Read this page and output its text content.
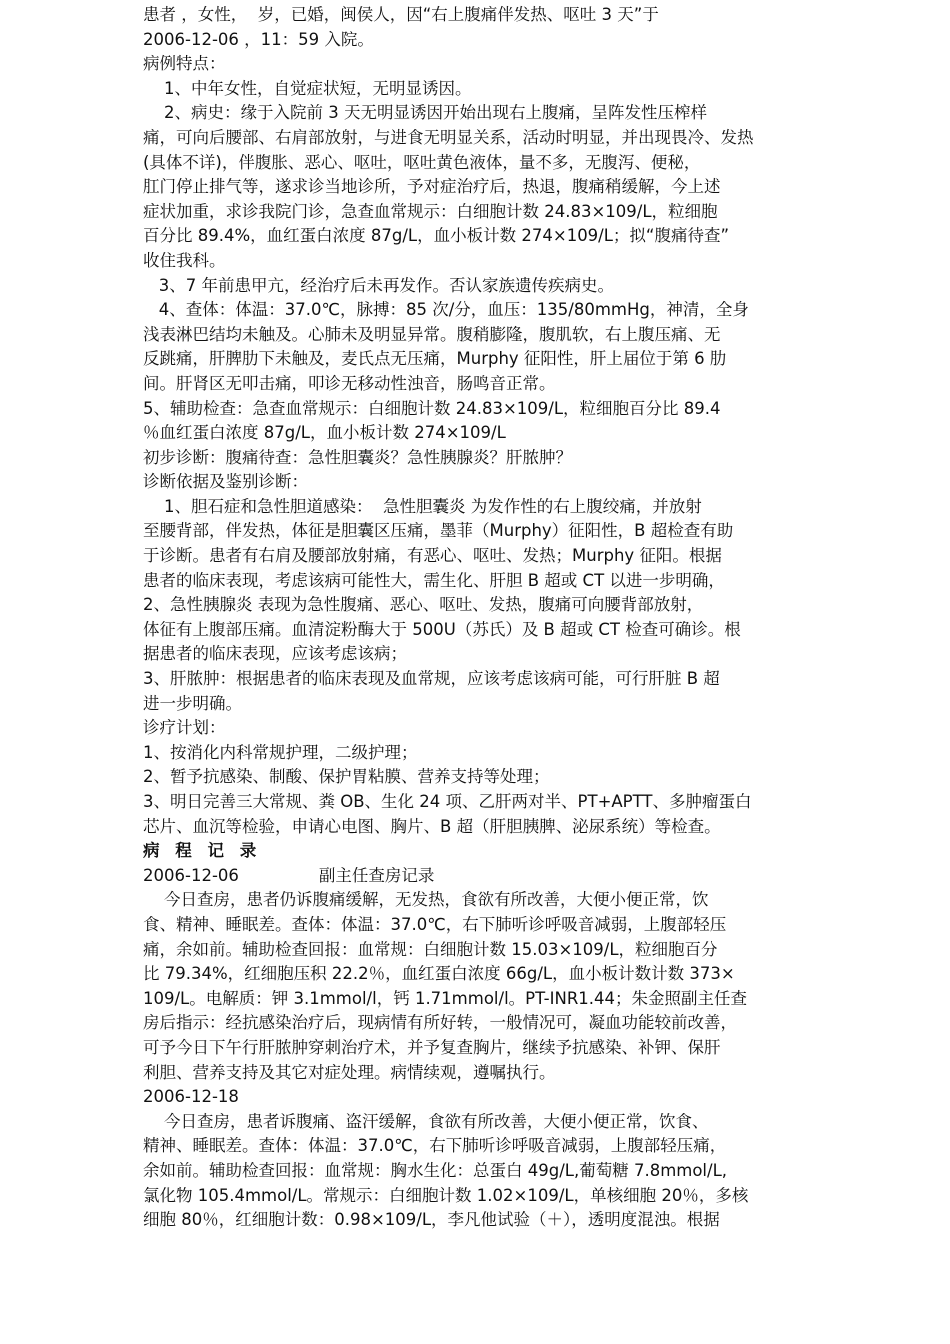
患者 ，女性，  岁，已婚，闽侯人，因“右上腹痛伴发热、呕吐 3 天”于
2006-12-06 ，11：59 入院。
病例特点：
1、中年女性，自觉症状短，无明显诱因。
2、病史：缘于入院前 3 天无明显诱因开始出现右上腹痛，呈阵发性压榨样
痛，可向后腰部、右肩部放射，与进食无明显关系，活动时明显，并出现畏冷、发热
(具体不详)，伴腹胀、恶心、呕吐，呕吐黄色液体，量不多，无腹泻、便秘，
肛门停止排气等，遂求诊当地诊所，予对症治疗后，热退，腹痛稍缓解，今上述
症状加重，求诊我院门诊，急查血常规示：白细胞计数 24.83×109/L，粒细胞
百分比 89.4%，血红蛋白浓度 87g/L，血小板计数 274×109/L；拟“腹痛待查”
收住我科。
3、7 年前患甲亢，经治疗后未再发作。否认家族遗传疾病史。
4、查体：体温：37.0℃，脉搏：85 次/分，血压：135/80mmHg，神清，全身
浅表淋巴结均未触及。心肺未及明显异常。腹稍膨隆，腹肌软，右上腹压痛、无
反跳痛，肝脾肋下未触及，麦氏点无压痛，Murphy 征阳性，肝上届位于第 6 肋
间。肝肾区无叩击痛，叩诊无移动性浊音，肠鸣音正常。
5、辅助检查：急查血常规示：白细胞计数 24.83×109/L，粒细胞百分比 89.4
％血红蛋白浓度 87g/L，血小板计数 274×109/L
初步诊断：腹痛待查：急性胆囊炎？急性胰腺炎？肝脓肿？
诊断依据及鉴别诊断：
1、胆石症和急性胆道感染：  急性胆囊炎 为发作性的右上腹绞痛，并放射
至腰背部，伴发热，体征是胆囊区压痛，墨菲（Murphy）征阳性，B 超检查有助
于诊断。患者有右肩及腰部放射痛，有恶心、呕吐、发热；Murphy 征阳。根据
患者的临床表现，考虑该病可能性大，需生化、肝胆 B 超或 CT 以进一步明确，
2、急性胰腺炎 表现为急性腹痛、恶心、呕吐、发热，腹痛可向腰背部放射，
体征有上腹部压痛。血清淀粉酶大于 500U（苏氏）及 B 超或 CT 检查可确诊。根
据患者的临床表现，应该考虑该病；
3、肝脓肿：根据患者的临床表现及血常规，应该考虑该病可能，可行肝脏 B 超
进一步明确。
诊疗计划：
1、按消化内科常规护理，二级护理；
2、暂予抗感染、制酸、保护胃粘膜、营养支持等处理；
3、明日完善三大常规、粪 OB、生化 24 项、乙肝两对半、PT+APTT、多肿瘤蛋白
芯片、血沉等检验，申请心电图、胸片、B 超（肝胆胰脾、泌尿系统）等检查。
病 程 记 录
2006-12-06	副主任查房记录
今日查房，患者仍诉腹痛缓解，无发热，食欲有所改善，大便小便正常，饮
食、精神、睡眠差。查体：体温：37.0℃，右下肺听诊呼吸音减弱，上腹部轻压
痛，余如前。辅助检查回报：血常规：白细胞计数 15.03×109/L，粒细胞百分
比 79.34%，红细胞压积 22.2％，血红蛋白浓度 66g/L，血小板计数计数 373×
109/L。电解质：钾 3.1mmol/l，钙 1.71mmol/l。PT-INR1.44；朱金照副主任查
房后指示：经抗感染治疗后，现病情有所好转，一般情况可，凝血功能较前改善，
可予今日下午行肝脓肿穿刺治疗术，并予复查胸片，继续予抗感染、补钾、保肝
利胆、营养支持及其它对症处理。病情续观，遵嘱执行。
2006-12-18
今日查房，患者诉腹痛、盗汗缓解，食欲有所改善，大便小便正常，饮食、
精神、睡眠差。查体：体温：37.0℃，右下肺听诊呼吸音减弱，上腹部轻压痛，
余如前。辅助检查回报：血常规：胸水生化：总蛋白 49g/L,葡萄糖 7.8mmol/L,
氯化物 105.4mmol/L。常规示：白细胞计数 1.02×109/L，单核细胞 20％，多核
细胞 80％，红细胞计数：0.98×109/L，李凡他试验（＋），透明度混浊。根据
